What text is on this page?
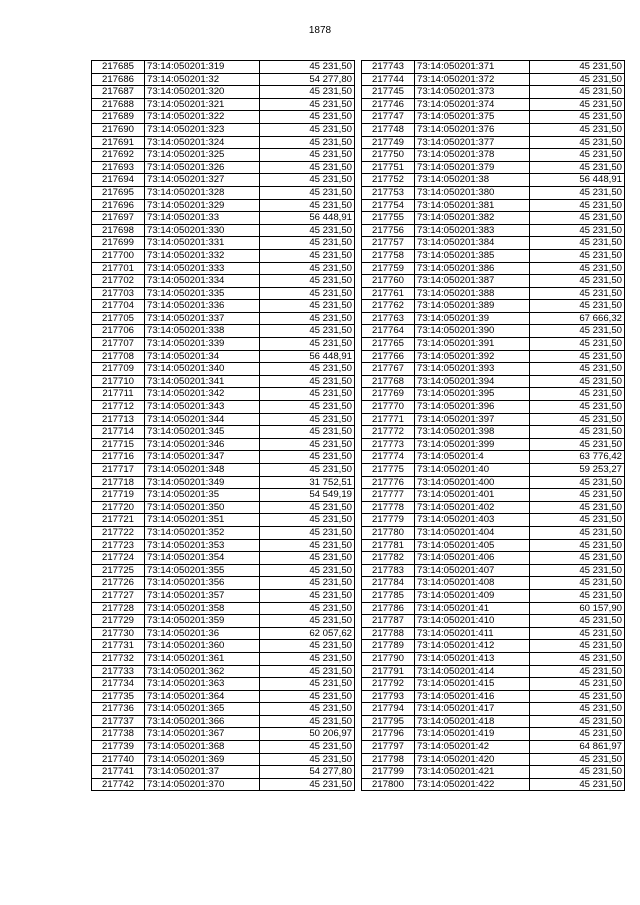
1878
217685	73:14:050201:319	45 231,50
217686	73:14:050201:32	54 277,80
217687	73:14:050201:320	45 231,50
217688	73:14:050201:321	45 231,50
217689	73:14:050201:322	45 231,50
217690	73:14:050201:323	45 231,50
217691	73:14:050201:324	45 231,50
217692	73:14:050201:325	45 231,50
217693	73:14:050201:326	45 231,50
217694	73:14:050201:327	45 231,50
217695	73:14:050201:328	45 231,50
217696	73:14:050201:329	45 231,50
217697	73:14:050201:33	56 448,91
217698	73:14:050201:330	45 231,50
217699	73:14:050201:331	45 231,50
217700	73:14:050201:332	45 231,50
217701	73:14:050201:333	45 231,50
217702	73:14:050201:334	45 231,50
217703	73:14:050201:335	45 231,50
217704	73:14:050201:336	45 231,50
217705	73:14:050201:337	45 231,50
217706	73:14:050201:338	45 231,50
217707	73:14:050201:339	45 231,50
217708	73:14:050201:34	56 448,91
217709	73:14:050201:340	45 231,50
217710	73:14:050201:341	45 231,50
217711	73:14:050201:342	45 231,50
217712	73:14:050201:343	45 231,50
217713	73:14:050201:344	45 231,50
217714	73:14:050201:345	45 231,50
217715	73:14:050201:346	45 231,50
217716	73:14:050201:347	45 231,50
217717	73:14:050201:348	45 231,50
217718	73:14:050201:349	31 752,51
217719	73:14:050201:35	54 549,19
217720	73:14:050201:350	45 231,50
217721	73:14:050201:351	45 231,50
217722	73:14:050201:352	45 231,50
217723	73:14:050201:353	45 231,50
217724	73:14:050201:354	45 231,50
217725	73:14:050201:355	45 231,50
217726	73:14:050201:356	45 231,50
217727	73:14:050201:357	45 231,50
217728	73:14:050201:358	45 231,50
217729	73:14:050201:359	45 231,50
217730	73:14:050201:36	62 057,62
217731	73:14:050201:360	45 231,50
217732	73:14:050201:361	45 231,50
217733	73:14:050201:362	45 231,50
217734	73:14:050201:363	45 231,50
217735	73:14:050201:364	45 231,50
217736	73:14:050201:365	45 231,50
217737	73:14:050201:366	45 231,50
217738	73:14:050201:367	50 206,97
217739	73:14:050201:368	45 231,50
217740	73:14:050201:369	45 231,50
217741	73:14:050201:37	54 277,80
217742	73:14:050201:370	45 231,50
217743	73:14:050201:371	45 231,50
217744	73:14:050201:372	45 231,50
217745	73:14:050201:373	45 231,50
217746	73:14:050201:374	45 231,50
217747	73:14:050201:375	45 231,50
217748	73:14:050201:376	45 231,50
217749	73:14:050201:377	45 231,50
217750	73:14:050201:378	45 231,50
217751	73:14:050201:379	45 231,50
217752	73:14:050201:38	56 448,91
217753	73:14:050201:380	45 231,50
217754	73:14:050201:381	45 231,50
217755	73:14:050201:382	45 231,50
217756	73:14:050201:383	45 231,50
217757	73:14:050201:384	45 231,50
217758	73:14:050201:385	45 231,50
217759	73:14:050201:386	45 231,50
217760	73:14:050201:387	45 231,50
217761	73:14:050201:388	45 231,50
217762	73:14:050201:389	45 231,50
217763	73:14:050201:39	67 666,32
217764	73:14:050201:390	45 231,50
217765	73:14:050201:391	45 231,50
217766	73:14:050201:392	45 231,50
217767	73:14:050201:393	45 231,50
217768	73:14:050201:394	45 231,50
217769	73:14:050201:395	45 231,50
217770	73:14:050201:396	45 231,50
217771	73:14:050201:397	45 231,50
217772	73:14:050201:398	45 231,50
217773	73:14:050201:399	45 231,50
217774	73:14:050201:4	63 776,42
217775	73:14:050201:40	59 253,27
217776	73:14:050201:400	45 231,50
217777	73:14:050201:401	45 231,50
217778	73:14:050201:402	45 231,50
217779	73:14:050201:403	45 231,50
217780	73:14:050201:404	45 231,50
217781	73:14:050201:405	45 231,50
217782	73:14:050201:406	45 231,50
217783	73:14:050201:407	45 231,50
217784	73:14:050201:408	45 231,50
217785	73:14:050201:409	45 231,50
217786	73:14:050201:41	60 157,90
217787	73:14:050201:410	45 231,50
217788	73:14:050201:411	45 231,50
217789	73:14:050201:412	45 231,50
217790	73:14:050201:413	45 231,50
217791	73:14:050201:414	45 231,50
217792	73:14:050201:415	45 231,50
217793	73:14:050201:416	45 231,50
217794	73:14:050201:417	45 231,50
217795	73:14:050201:418	45 231,50
217796	73:14:050201:419	45 231,50
217797	73:14:050201:42	64 861,97
217798	73:14:050201:420	45 231,50
217799	73:14:050201:421	45 231,50
217800	73:14:050201:422	45 231,50
